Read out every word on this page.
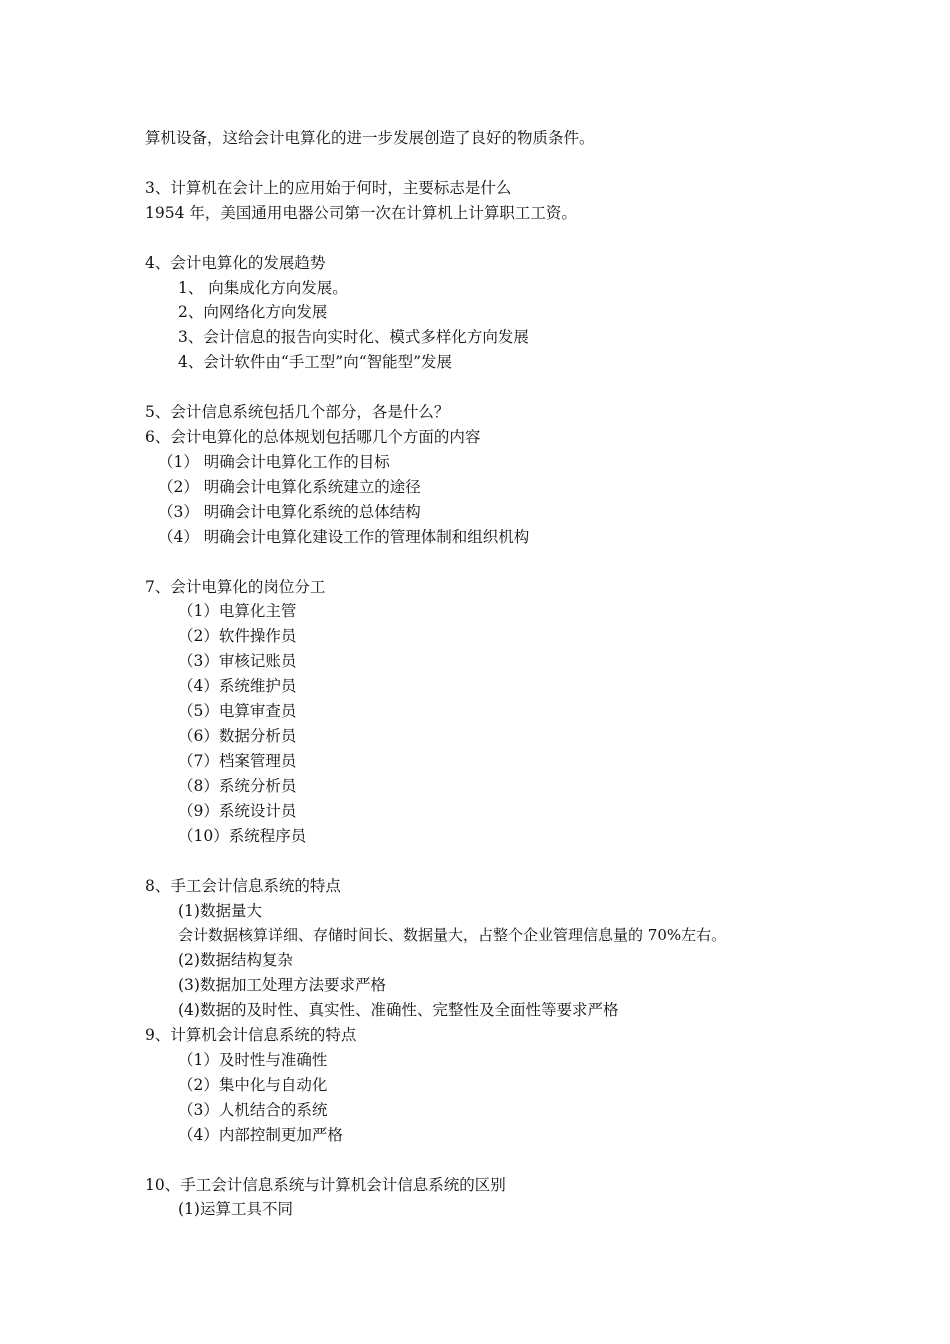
算机设备，这给会计电算化的进一步发展创造了良好的物质条件。

3、计算机在会计上的应用始于何时，主要标志是什么

1954 年，美国通用电器公司第一次在计算机上计算职工工资。

4、会计电算化的发展趋势

1、 向集成化方向发展。

2、向网络化方向发展

3、会计信息的报告向实时化、模式多样化方向发展

4、会计软件由“手工型”向“智能型”发展

5、会计信息系统包括几个部分，各是什么？

6、会计电算化的总体规划包括哪几个方面的内容

（1） 明确会计电算化工作的目标

（2） 明确会计电算化系统建立的途径

（3） 明确会计电算化系统的总体结构

（4） 明确会计电算化建设工作的管理体制和组织机构

7、会计电算化的岗位分工

（1）电算化主管

（2）软件操作员

（3）审核记账员

（4）系统维护员

（5）电算审查员

（6）数据分析员

（7）档案管理员

（8）系统分析员

（9）系统设计员

（10）系统程序员

8、手工会计信息系统的特点

(1)数据量大

会计数据核算详细、存储时间长、数据量大，占整个企业管理信息量的 70%左右。

(2)数据结构复杂

(3)数据加工处理方法要求严格

(4)数据的及时性、真实性、准确性、完整性及全面性等要求严格

9、计算机会计信息系统的特点

（1）及时性与准确性

（2）集中化与自动化

（3）人机结合的系统

（4）内部控制更加严格

10、手工会计信息系统与计算机会计信息系统的区别

(1)运算工具不同
